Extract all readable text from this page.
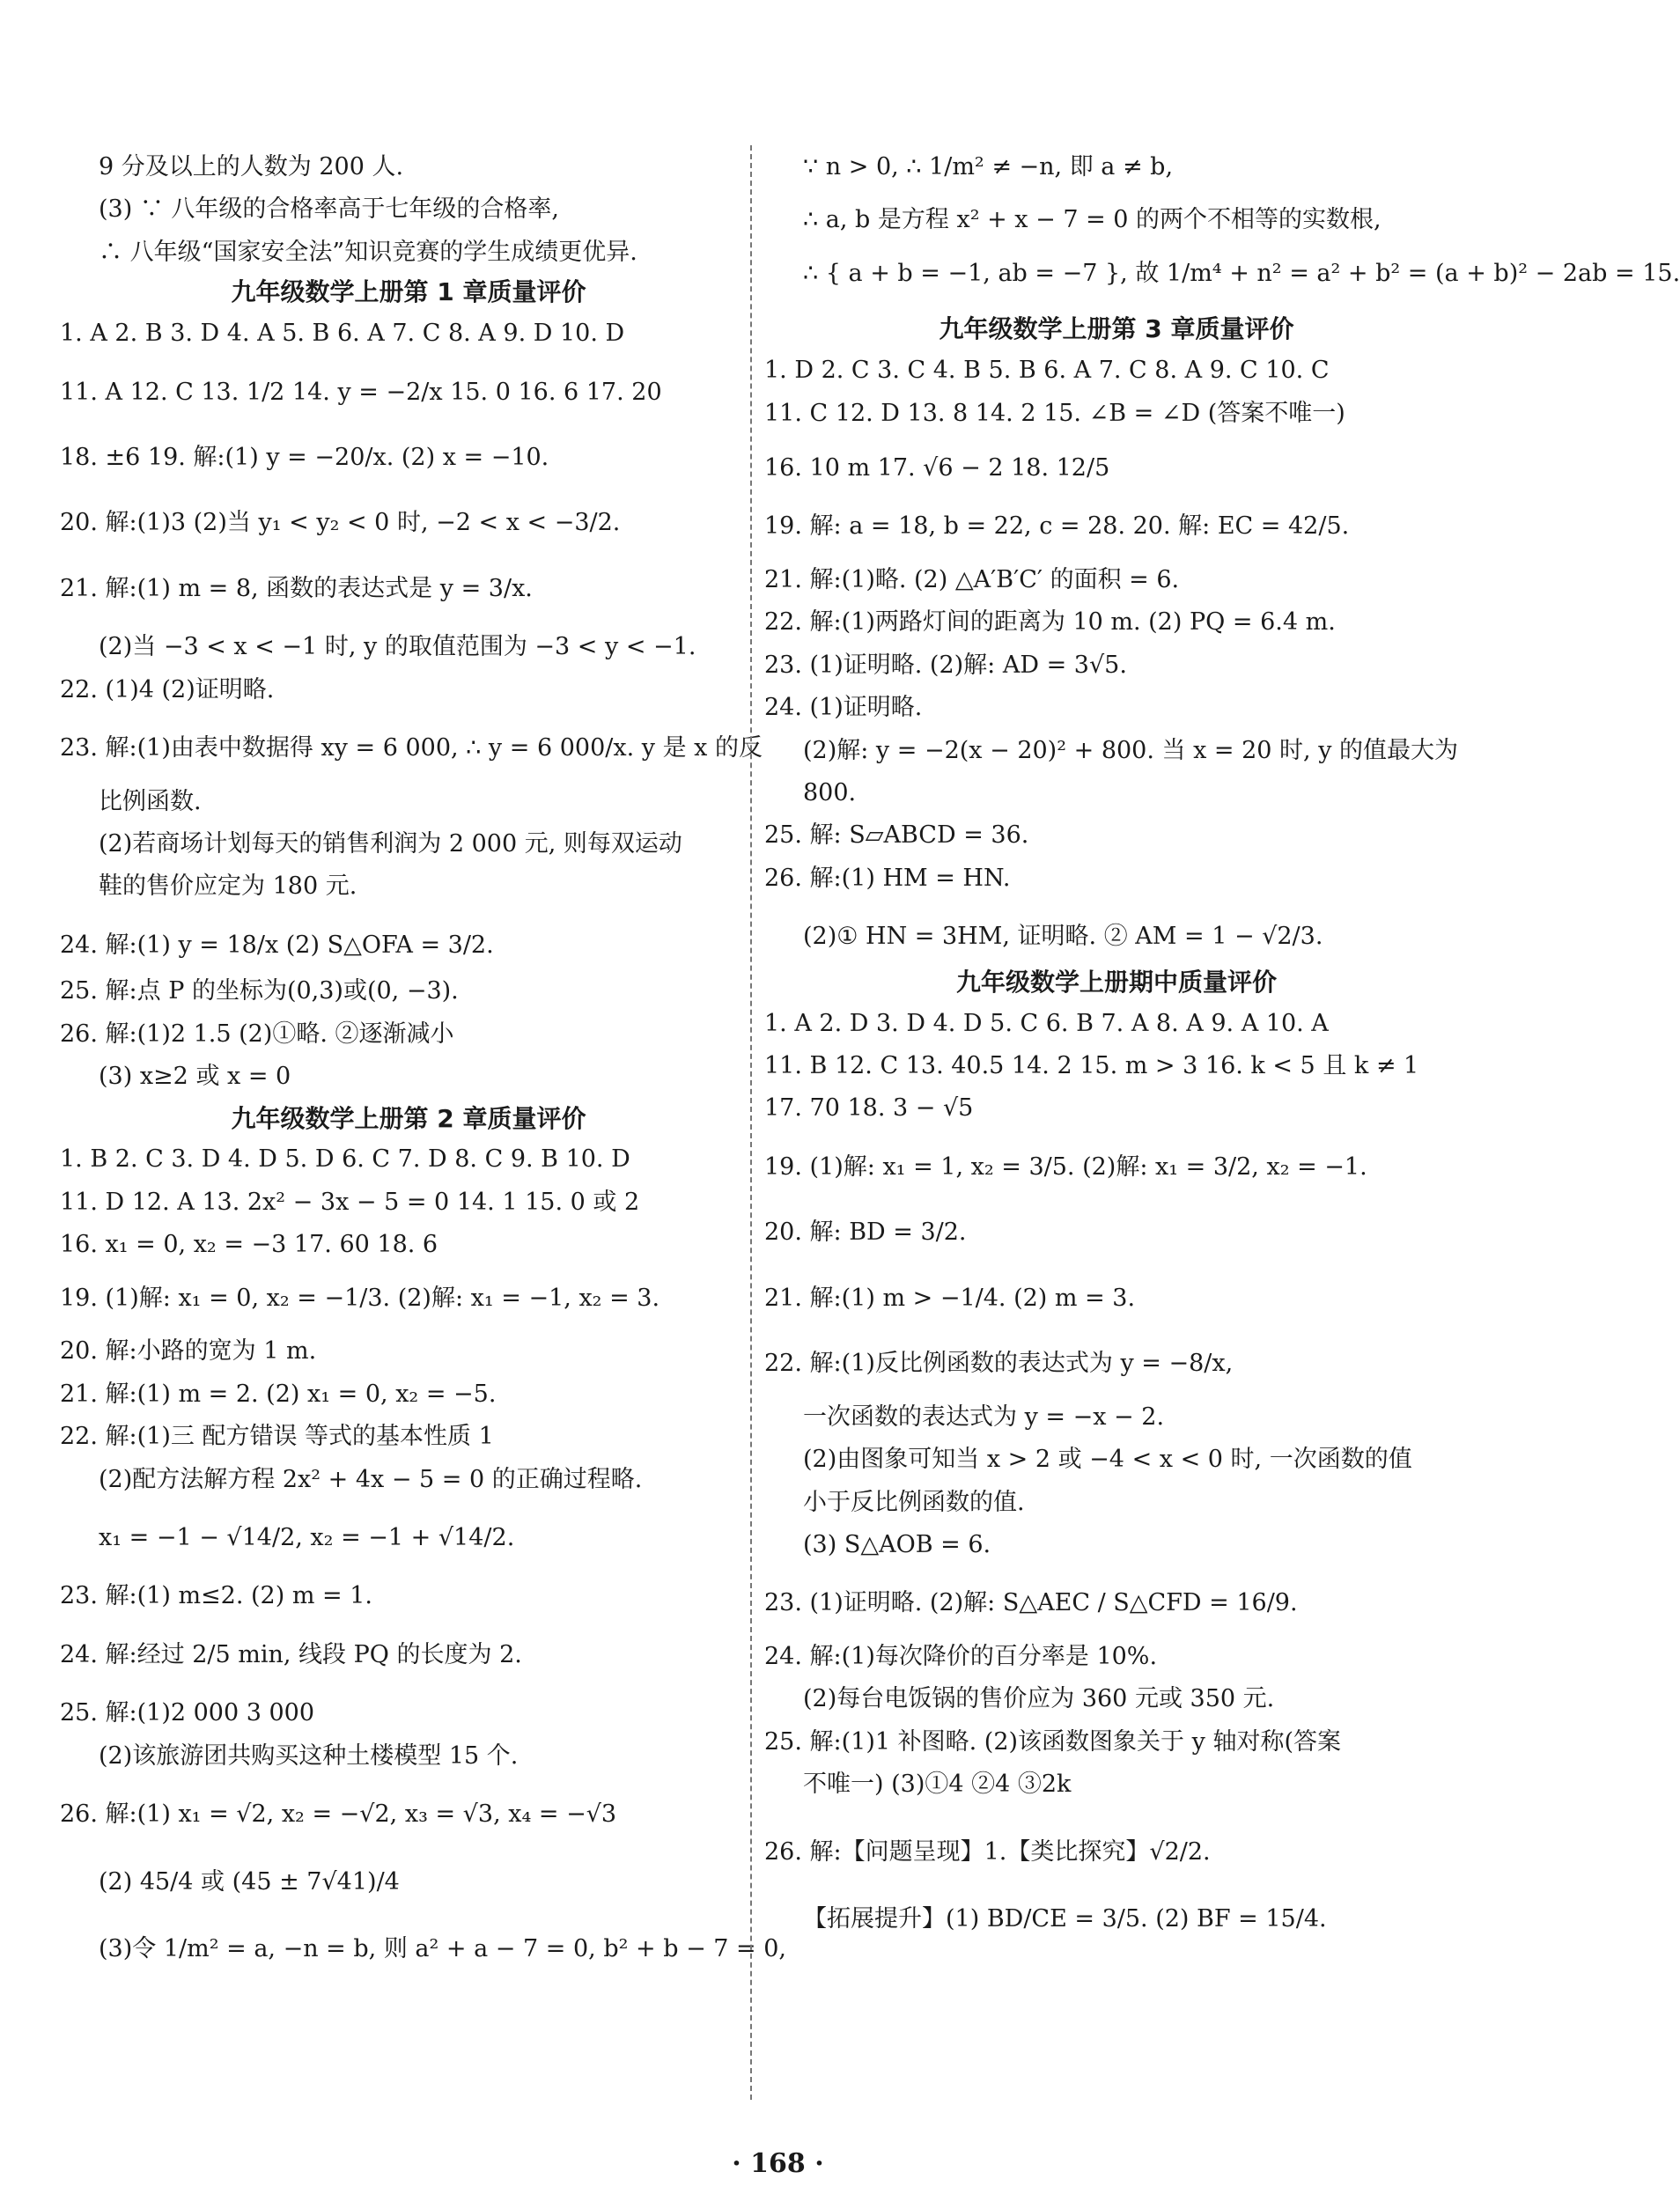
9 分及以上的人数为 200 人.
(3) ∵ 八年级的合格率高于七年级的合格率,
∴ 八年级“国家安全法”知识竞赛的学生成绩更优异.
九年级数学上册第 1 章质量评价
1. A 2. B 3. D 4. A 5. B 6. A 7. C 8. A 9. D 10. D
11. A 12. C 13. 1/2 14. y = −2/x 15. 0 16. 6 17. 20
18. ±6 19. 解:(1) y = −20/x. (2) x = −10.
20. 解:(1)3 (2)当 y₁ < y₂ < 0 时, −2 < x < −3/2.
21. 解:(1) m = 8, 函数的表达式是 y = 3/x.
(2)当 −3 < x < −1 时, y 的取值范围为 −3 < y < −1.
22. (1)4 (2)证明略.
23. 解:(1)由表中数据得 xy = 6 000, ∴ y = 6 000/x. y 是 x 的反
比例函数.
(2)若商场计划每天的销售利润为 2 000 元, 则每双运动
鞋的售价应定为 180 元.
24. 解:(1) y = 18/x (2) S△OFA = 3/2.
25. 解:点 P 的坐标为(0,3)或(0, −3).
26. 解:(1)2 1.5 (2)①略. ②逐渐减小
(3) x≥2 或 x = 0
九年级数学上册第 2 章质量评价
1. B 2. C 3. D 4. D 5. D 6. C 7. D 8. C 9. B 10. D
11. D 12. A 13. 2x² − 3x − 5 = 0 14. 1 15. 0 或 2
16. x₁ = 0, x₂ = −3 17. 60 18. 6
19. (1)解: x₁ = 0, x₂ = −1/3. (2)解: x₁ = −1, x₂ = 3.
20. 解:小路的宽为 1 m.
21. 解:(1) m = 2. (2) x₁ = 0, x₂ = −5.
22. 解:(1)三 配方错误 等式的基本性质 1
(2)配方法解方程 2x² + 4x − 5 = 0 的正确过程略.
x₁ = −1 − √14/2, x₂ = −1 + √14/2.
23. 解:(1) m≤2. (2) m = 1.
24. 解:经过 2/5 min, 线段 PQ 的长度为 2.
25. 解:(1)2 000 3 000
(2)该旅游团共购买这种土楼模型 15 个.
26. 解:(1) x₁ = √2, x₂ = −√2, x₃ = √3, x₄ = −√3
(2) 45/4 或 (45 ± 7√41)/4
(3)令 1/m² = a, −n = b, 则 a² + a − 7 = 0, b² + b − 7 = 0,
∵ n > 0, ∴ 1/m² ≠ −n, 即 a ≠ b,
∴ a, b 是方程 x² + x − 7 = 0 的两个不相等的实数根,
∴ { a + b = −1, ab = −7 }, 故 1/m⁴ + n² = a² + b² = (a + b)² − 2ab = 15.
九年级数学上册第 3 章质量评价
1. D 2. C 3. C 4. B 5. B 6. A 7. C 8. A 9. C 10. C
11. C 12. D 13. 8 14. 2 15. ∠B = ∠D (答案不唯一)
16. 10 m 17. √6 − 2 18. 12/5
19. 解: a = 18, b = 22, c = 28. 20. 解: EC = 42/5.
21. 解:(1)略. (2) △A′B′C′ 的面积 = 6.
22. 解:(1)两路灯间的距离为 10 m. (2) PQ = 6.4 m.
23. (1)证明略. (2)解: AD = 3√5.
24. (1)证明略.
(2)解: y = −2(x − 20)² + 800. 当 x = 20 时, y 的值最大为
800.
25. 解: S▱ABCD = 36.
26. 解:(1) HM = HN.
(2)① HN = 3HM, 证明略. ② AM = 1 − √2/3.
九年级数学上册期中质量评价
1. A 2. D 3. D 4. D 5. C 6. B 7. A 8. A 9. A 10. A
11. B 12. C 13. 40.5 14. 2 15. m > 3 16. k < 5 且 k ≠ 1
17. 70 18. 3 − √5
19. (1)解: x₁ = 1, x₂ = 3/5. (2)解: x₁ = 3/2, x₂ = −1.
20. 解: BD = 3/2.
21. 解:(1) m > −1/4. (2) m = 3.
22. 解:(1)反比例函数的表达式为 y = −8/x,
一次函数的表达式为 y = −x − 2.
(2)由图象可知当 x > 2 或 −4 < x < 0 时, 一次函数的值
小于反比例函数的值.
(3) S△AOB = 6.
23. (1)证明略. (2)解: S△AEC / S△CFD = 16/9.
24. 解:(1)每次降价的百分率是 10%.
(2)每台电饭锅的售价应为 360 元或 350 元.
25. 解:(1)1 补图略. (2)该函数图象关于 y 轴对称(答案
不唯一) (3)①4 ②4 ③2k
26. 解:【问题呈现】1.【类比探究】√2/2.
【拓展提升】(1) BD/CE = 3/5. (2) BF = 15/4.
· 168 ·
